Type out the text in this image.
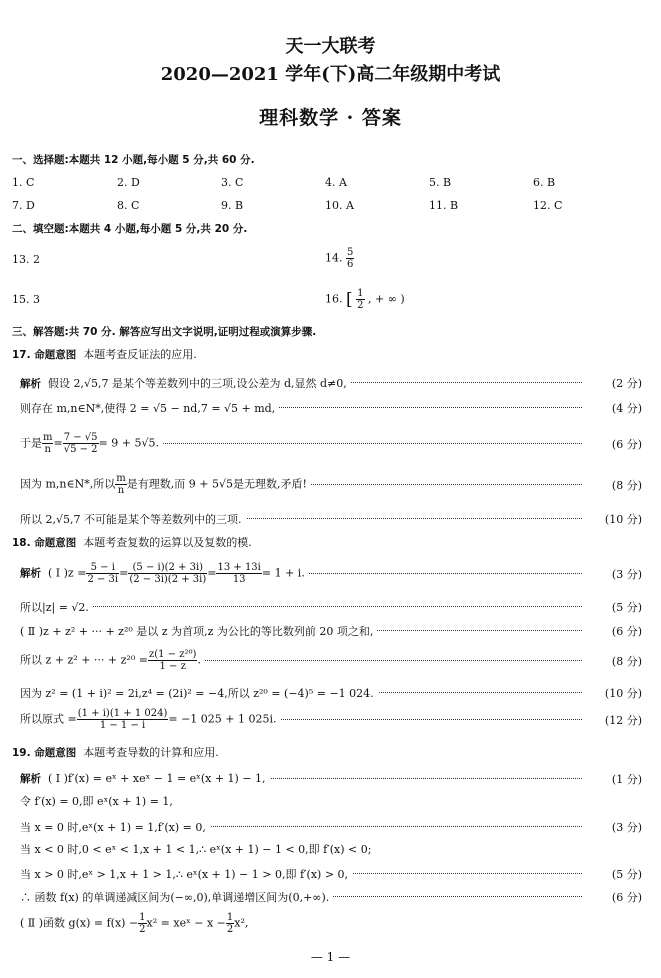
天一大联考
2020—2021 学年(下)高二年级期中考试
理科数学 · 答案
一、选择题:本题共 12 小题,每小题 5 分,共 60 分.
1. C	2. D	3. C	4. A	5. B	6. B
7. D	8. C	9. B	10. A	11. B	12. C
二、填空题:本题共 4 小题,每小题 5 分,共 20 分.
13. 2	14. $\frac{5}{6}$
15. 3	16. [ $\frac{1}{2}$ , + ∞ )
三、解答题:共 70 分. 解答应写出文字说明,证明过程或演算步骤.
17. 命题意图 本题考查反证法的应用.
解析 假设 2,√5,7 是某个等差数列中的三项,设公差为 d,显然 d≠0,	(2 分)
则存在 m,n∈N*,使得 2 = √5 − nd,7 = √5 + md,	(4 分)
于是 $\frac{m}{n} = \frac{7 - √5}{√5 - 2} = 9 + 5√5$.	(6 分)
因为 m,n∈N*,所以 $\frac{m}{n}$ 是有理数,而 9 + 5√5是无理数,矛盾!	(8 分)
所以 2,√5,7 不可能是某个等差数列中的三项.	(10 分)
18. 命题意图 本题考查复数的运算以及复数的模.
解析 ( Ⅰ )$z = \frac{5 - i}{2 - 3i} = \frac{(5 - i)(2 + 3i)}{(2 - 3i)(2 + 3i)} = \frac{13 + 13i}{13} = 1 + i$.	(3 分)
所以|z| = √2.	(5 分)
( Ⅱ )z + z² + ··· + z²⁰ 是以 z 为首项,z 为公比的等比数列前 20 项之和,	(6 分)
所以 z + z² + ··· + $z^{20} = \frac{\text{z(1 − z²⁰)}}{1 - z}$ .	(8 分)
因为 z² = (1 + i)² = 2i,z⁴ = (2i)² = −4,所以 z²⁰ = (−4)⁵ = −1 024.	(10 分)
所以原式 = $\frac{(1 + i)(1 + 1 024)}{1 - 1 - i} = -1$ 025 + 1 025i.	(12 分)
19. 命题意图 本题考查导数的计算和应用.
解析 ( Ⅰ )f′(x) = eˣ + xeˣ − 1 = eˣ(x + 1) − 1,	(1 分)
令 f′(x) = 0,即 eˣ(x + 1) = 1,
当 x = 0 时,eˣ(x + 1) = 1,f′(x) = 0,	(3 分)
当 x < 0 时,0 < eˣ < 1,x + 1 < 1,∴ eˣ(x + 1) − 1 < 0,即 f′(x) < 0;
当 x > 0 时,eˣ > 1,x + 1 > 1,∴ eˣ(x + 1) − 1 > 0,即 f′(x) > 0,	(5 分)
∴ 函数 f(x) 的单调递减区间为(−∞,0),单调递增区间为(0,+∞).	(6 分)
( Ⅱ )函数 $g(x) = f(x) - \frac{1}{2} x^2$ = xeˣ − $x - \frac{1}{2} x^2$,
— 1 —
